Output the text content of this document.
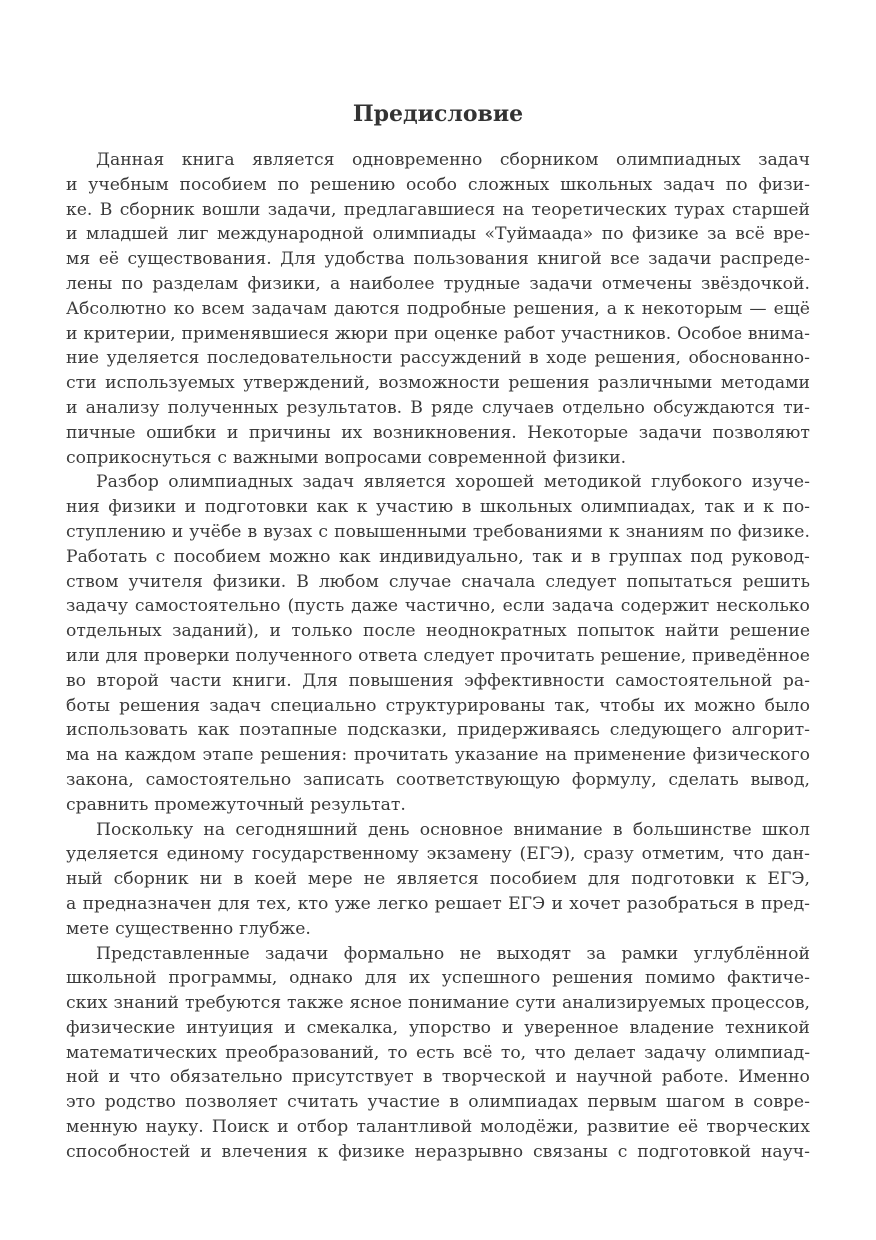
Предисловие
Данная книга является одновременно сборником олимпиадных задач
и учебным пособием по решению особо сложных школьных задач по физи-
ке. В сборник вошли задачи, предлагавшиеся на теоретических турах старшей
и младшей лиг международной олимпиады «Туймаада» по физике за всё вре-
мя её существования. Для удобства пользования книгой все задачи распреде-
лены по разделам физики, а наиболее трудные задачи отмечены звёздочкой.
Абсолютно ко всем задачам даются подробные решения, а к некоторым — ещё
и критерии, применявшиеся жюри при оценке работ участников. Особое внима-
ние уделяется последовательности рассуждений в ходе решения, обоснованно-
сти используемых утверждений, возможности решения различными методами
и анализу полученных результатов. В ряде случаев отдельно обсуждаются ти-
пичные ошибки и причины их возникновения. Некоторые задачи позволяют
соприкоснуться с важными вопросами современной физики.
Разбор олимпиадных задач является хорошей методикой глубокого изуче-
ния физики и подготовки как к участию в школьных олимпиадах, так и к по-
ступлению и учёбе в вузах с повышенными требованиями к знаниям по физике.
Работать с пособием можно как индивидуально, так и в группах под руковод-
ством учителя физики. В любом случае сначала следует попытаться решить
задачу самостоятельно (пусть даже частично, если задача содержит несколько
отдельных заданий), и только после неоднократных попыток найти решение
или для проверки полученного ответа следует прочитать решение, приведённое
во второй части книги. Для повышения эффективности самостоятельной ра-
боты решения задач специально структурированы так, чтобы их можно было
использовать как поэтапные подсказки, придерживаясь следующего алгорит-
ма на каждом этапе решения: прочитать указание на применение физического
закона, самостоятельно записать соответствующую формулу, сделать вывод,
сравнить промежуточный результат.
Поскольку на сегодняшний день основное внимание в большинстве школ
уделяется единому государственному экзамену (ЕГЭ), сразу отметим, что дан-
ный сборник ни в коей мере не является пособием для подготовки к ЕГЭ,
а предназначен для тех, кто уже легко решает ЕГЭ и хочет разобраться в пред-
мете существенно глубже.
Представленные задачи формально не выходят за рамки углублённой
школьной программы, однако для их успешного решения помимо фактиче-
ских знаний требуются также ясное понимание сути анализируемых процессов,
физические интуиция и смекалка, упорство и уверенное владение техникой
математических преобразований, то есть всё то, что делает задачу олимпиад-
ной и что обязательно присутствует в творческой и научной работе. Именно
это родство позволяет считать участие в олимпиадах первым шагом в совре-
менную науку. Поиск и отбор талантливой молодёжи, развитие её творческих
способностей и влечения к физике неразрывно связаны с подготовкой науч-
